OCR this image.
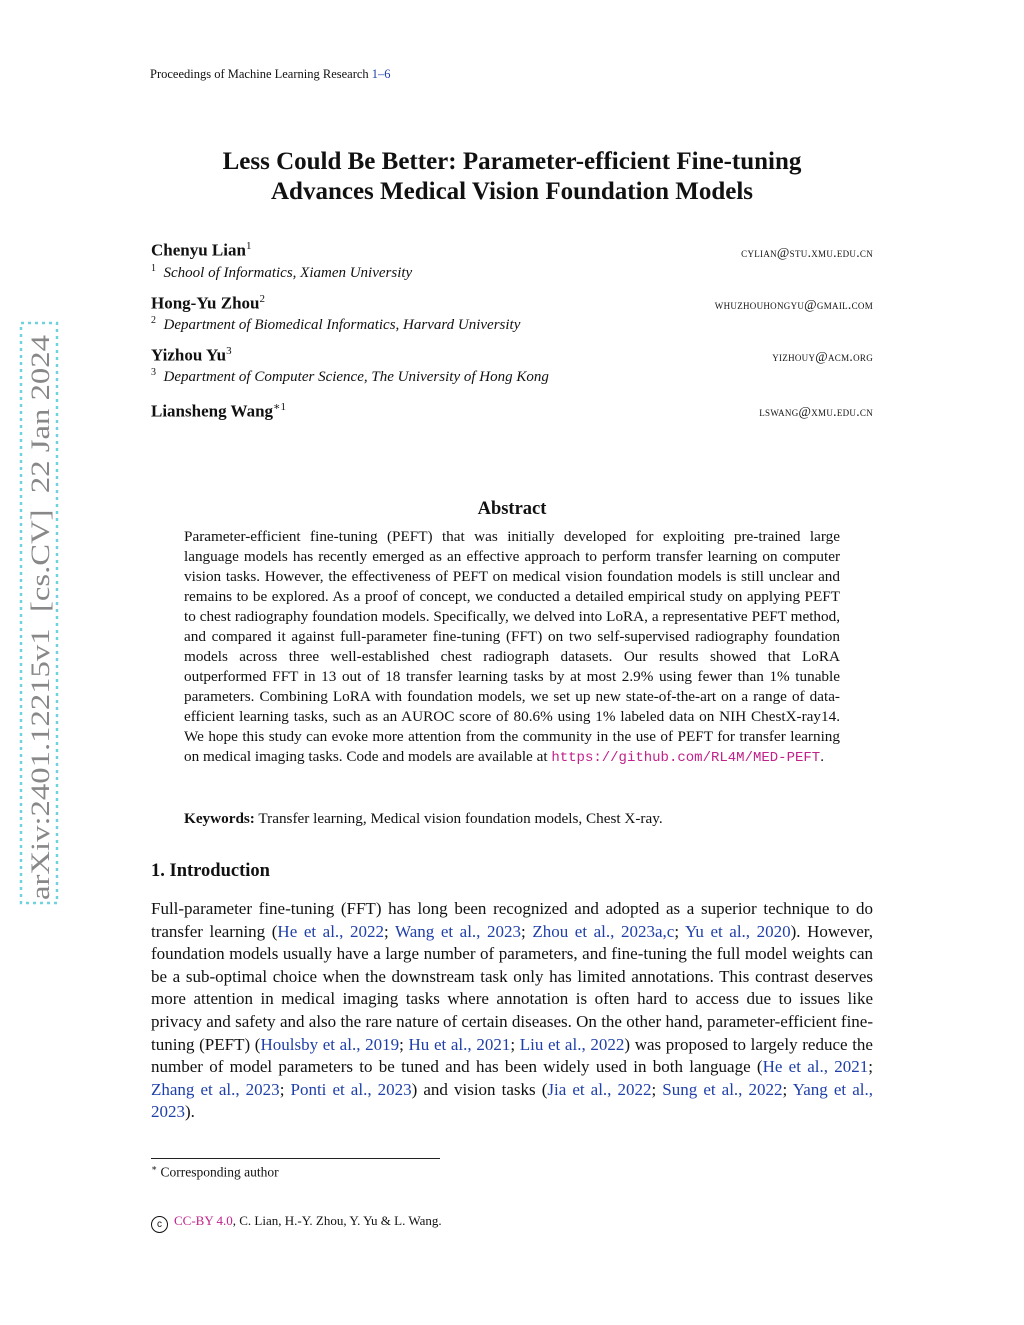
Proceedings of Machine Learning Research 1–6
Less Could Be Better: Parameter-efficient Fine-tuning
Advances Medical Vision Foundation Models
Chenyu Lian$^1$	cylian@stu.xmu.edu.cn
$^1$ School of Informatics, Xiamen University
Hong-Yu Zhou$^2$	whuzhouhongyu@gmail.com
$^2$ Department of Biomedical Informatics, Harvard University
Yizhou Yu$^3$	yizhouy@acm.org
$^3$ Department of Computer Science, The University of Hong Kong
Liansheng Wang$^{∗1}$	lswang@xmu.edu.cn
Abstract
Parameter-efficient fine-tuning (PEFT) that was initially developed for exploiting pre-trained large language models has recently emerged as an effective approach to perform transfer learning on computer vision tasks. However, the effectiveness of PEFT on medical vision foundation models is still unclear and remains to be explored. As a proof of concept, we conducted a detailed empirical study on applying PEFT to chest radiography foundation models. Specifically, we delved into LoRA, a representative PEFT method, and compared it against full-parameter fine-tuning (FFT) on two self-supervised radiography foundation models across three well-established chest radiograph datasets. Our results showed that LoRA outperformed FFT in 13 out of 18 transfer learning tasks by at most 2.9% using fewer than 1% tunable parameters. Combining LoRA with foundation models, we set up new state-of-the-art on a range of data-efficient learning tasks, such as an AUROC score of 80.6% using 1% labeled data on NIH ChestX-ray14. We hope this study can evoke more attention from the community in the use of PEFT for transfer learning on medical imaging tasks. Code and models are available at https://github.com/RL4M/MED-PEFT.
Keywords: Transfer learning, Medical vision foundation models, Chest X-ray.
1. Introduction
Full-parameter fine-tuning (FFT) has long been recognized and adopted as a superior technique to do transfer learning (He et al., 2022; Wang et al., 2023; Zhou et al., 2023a,c; Yu et al., 2020). However, foundation models usually have a large number of parameters, and fine-tuning the full model weights can be a sub-optimal choice when the downstream task only has limited annotations. This contrast deserves more attention in medical imaging tasks where annotation is often hard to access due to issues like privacy and safety and also the rare nature of certain diseases. On the other hand, parameter-efficient fine-tuning (PEFT) (Houlsby et al., 2019; Hu et al., 2021; Liu et al., 2022) was proposed to largely reduce the number of model parameters to be tuned and has been widely used in both language (He et al., 2021; Zhang et al., 2023; Ponti et al., 2023) and vision tasks (Jia et al., 2022; Sung et al., 2022; Yang et al., 2023).
∗ Corresponding author
c CC-BY 4.0, C. Lian, H.-Y. Zhou, Y. Yu & L. Wang.
arXiv:2401.12215v1  [cs.CV]  22 Jan 2024
